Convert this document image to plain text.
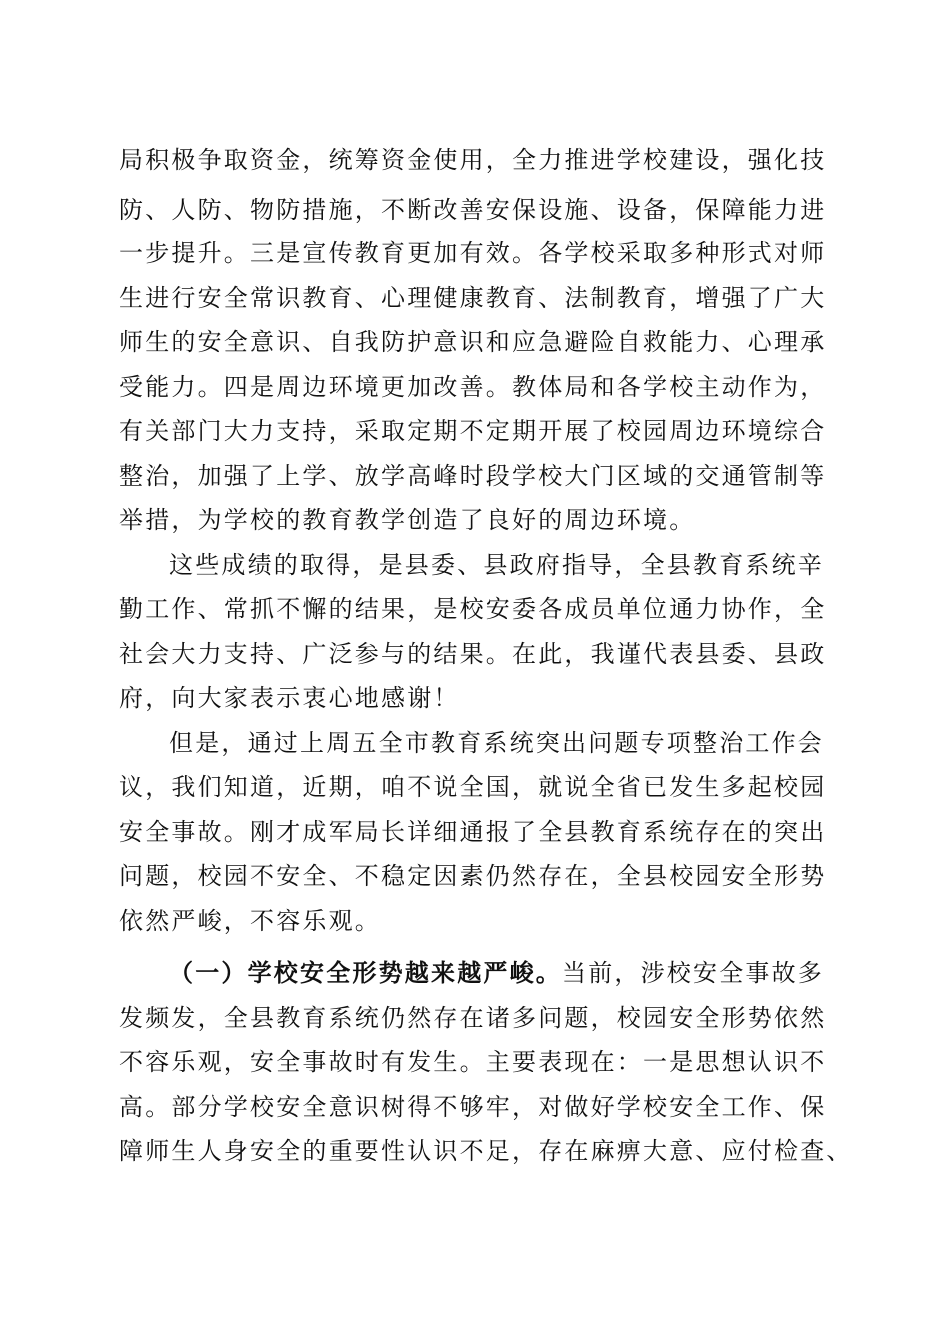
局积极争取资金，统筹资金使用，全力推进学校建设，强化技
防、人防、物防措施，不断改善安保设施、设备，保障能力进
一步提升。三是宣传教育更加有效。各学校采取多种形式对师
生进行安全常识教育、心理健康教育、法制教育，增强了广大
师生的安全意识、自我防护意识和应急避险自救能力、心理承
受能力。四是周边环境更加改善。教体局和各学校主动作为，
有关部门大力支持，采取定期不定期开展了校园周边环境综合
整治，加强了上学、放学高峰时段学校大门区域的交通管制等
举措，为学校的教育教学创造了良好的周边环境。
这些成绩的取得，是县委、县政府指导，全县教育系统辛
勤工作、常抓不懈的结果，是校安委各成员单位通力协作，全
社会大力支持、广泛参与的结果。在此，我谨代表县委、县政
府，向大家表示衷心地感谢！
但是，通过上周五全市教育系统突出问题专项整治工作会
议，我们知道，近期，咱不说全国，就说全省已发生多起校园
安全事故。刚才成军局长详细通报了全县教育系统存在的突出
问题，校园不安全、不稳定因素仍然存在，全县校园安全形势
依然严峻，不容乐观。
（一）学校安全形势越来越严峻。当前，涉校安全事故多
发频发，全县教育系统仍然存在诸多问题，校园安全形势依然
不容乐观，安全事故时有发生。主要表现在：一是思想认识不
高。部分学校安全意识树得不够牢，对做好学校安全工作、保
障师生人身安全的重要性认识不足，存在麻痹大意、应付检查、
